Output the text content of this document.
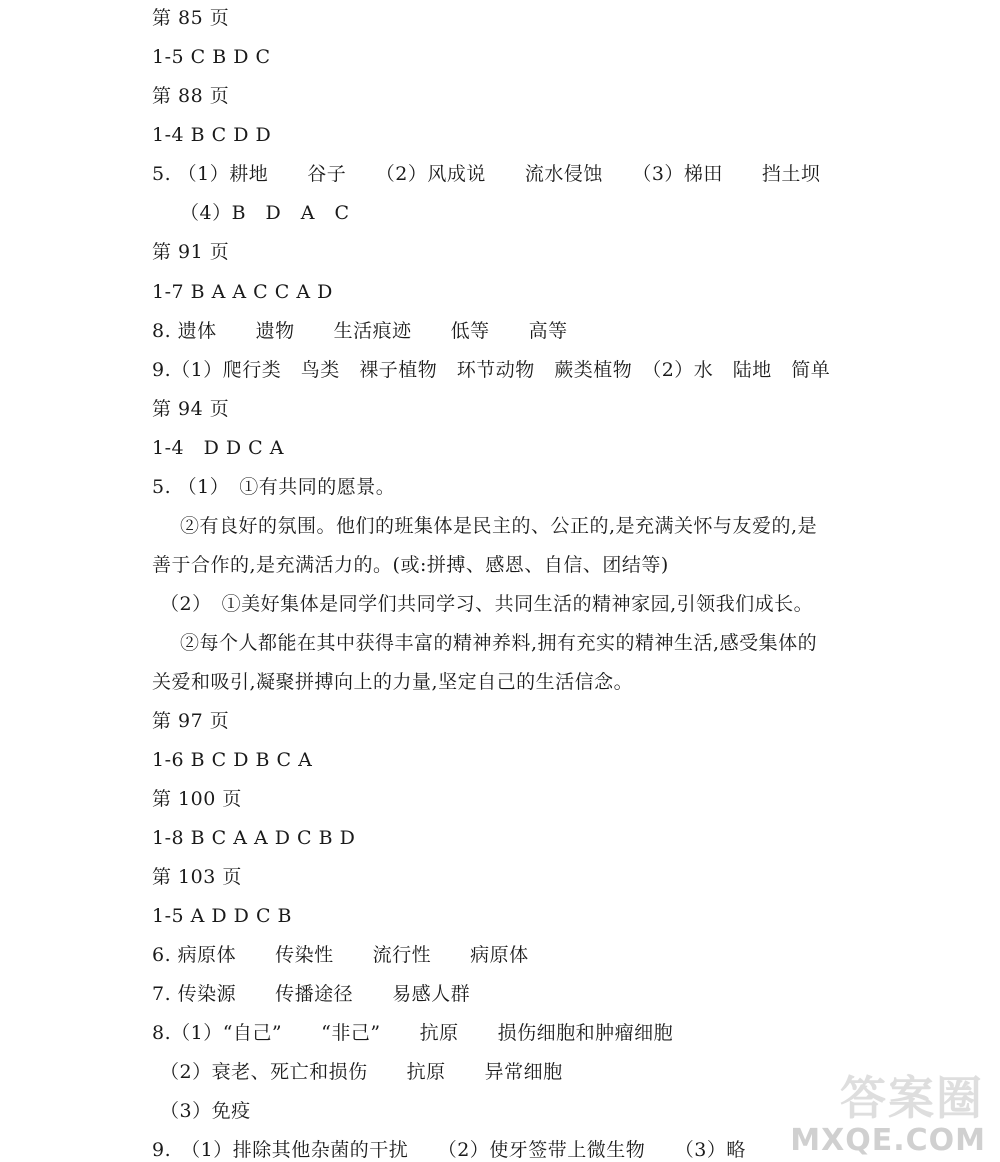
第 85 页
1-5 C B D C
第 88 页
1-4 B C D D
5. （1）耕地　　谷子　　（2）风成说　　流水侵蚀　　（3）梯田　　挡土坝
（4）B　D　A　C
第 91 页
1-7 B A A C C A D
8. 遗体　　遗物　　生活痕迹　　低等　　高等
9.（1）爬行类　鸟类　裸子植物　环节动物　蕨类植物　（2）水　陆地　简单
第 94 页
1-4　D D C A
5. （1）　①有共同的愿景。
②有良好的氛围。他们的班集体是民主的、公正的,是充满关怀与友爱的,是
善于合作的,是充满活力的。(或:拼搏、感恩、自信、团结等)
（2）　①美好集体是同学们共同学习、共同生活的精神家园,引领我们成长。
②每个人都能在其中获得丰富的精神养料,拥有充实的精神生活,感受集体的
关爱和吸引,凝聚拼搏向上的力量,坚定自己的生活信念。
第 97 页
1-6 B C D B C A
第 100 页
1-8 B C A A D C B D
第 103 页
1-5 A D D C B
6. 病原体　　传染性　　流行性　　病原体
7. 传染源　　传播途径　　易感人群
8.（1）“自己”　　“非己”　　抗原　　损伤细胞和肿瘤细胞
（2）衰老、死亡和损伤　　抗原　　异常细胞
（3）免疫
9.　（1）排除其他杂菌的干扰　　（2）使牙签带上微生物　　（3）略
答案圈
MXQE.COM
